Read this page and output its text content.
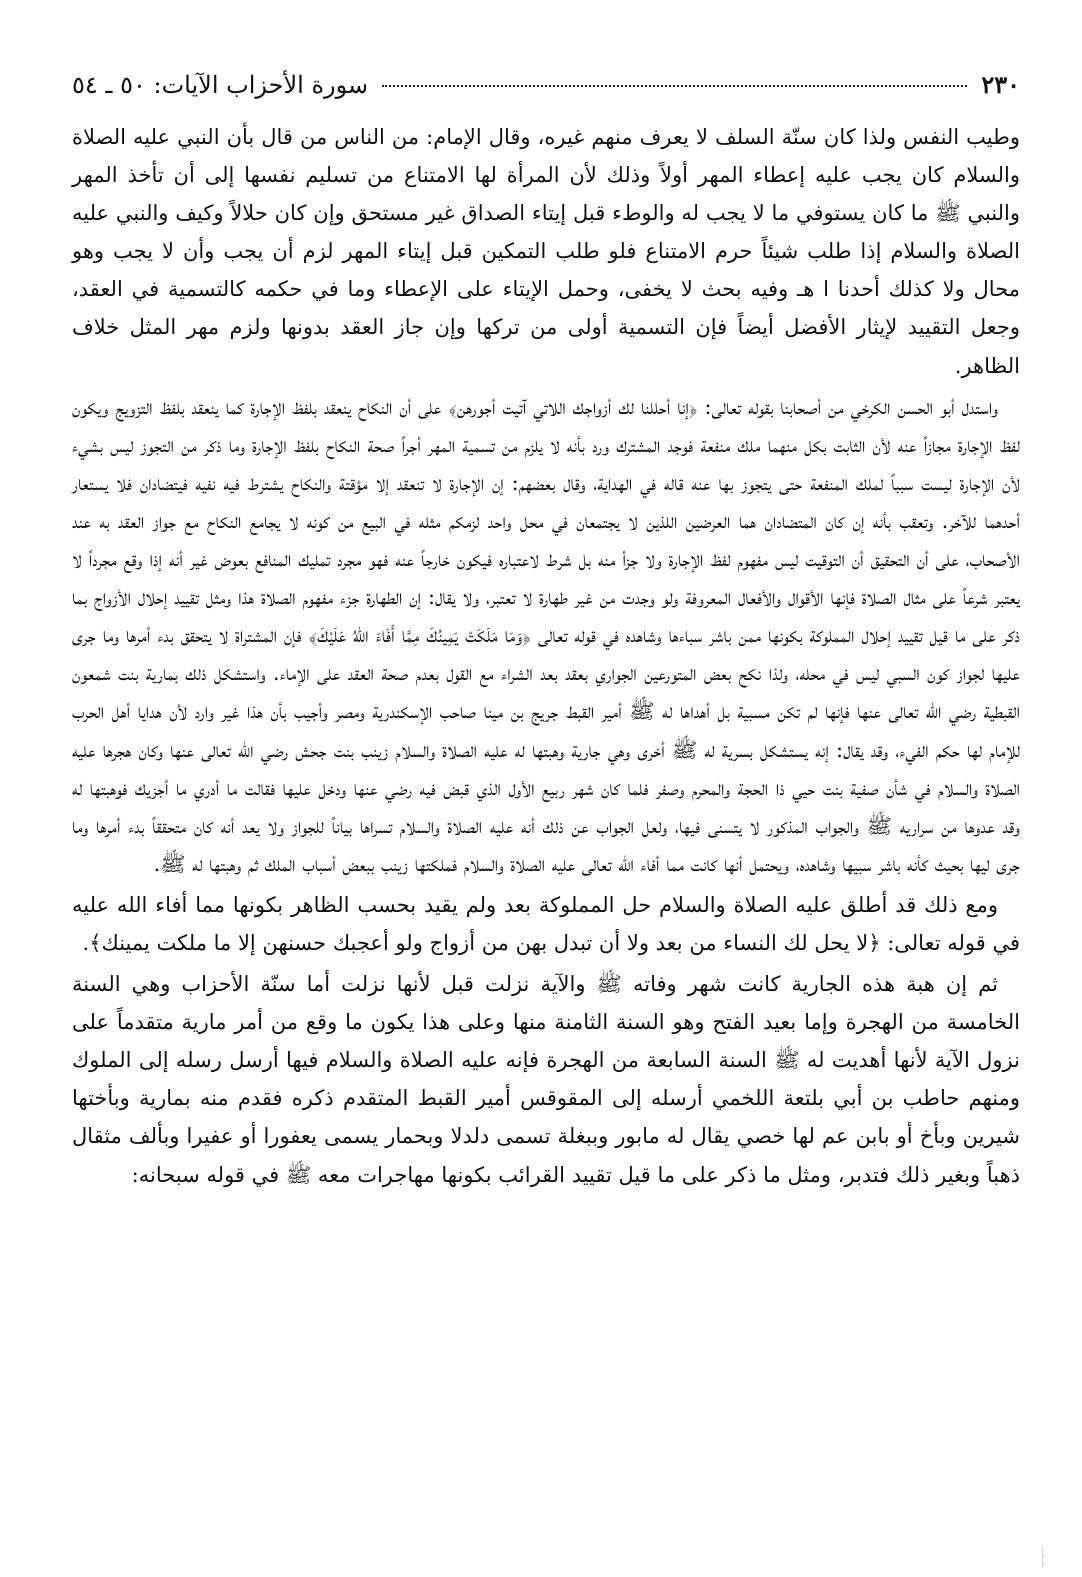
٢٣٠
سورة الأحزاب الآيات: ٥٠ ـ ٥٤

وطيب النفس ولذا كان سنّة السلف لا يعرف منهم غيره، وقال الإمام: من الناس من قال بأن النبي عليه الصلاة والسلام كان يجب عليه إعطاء المهر أولاً وذلك لأن المرأة لها الامتناع من تسليم نفسها إلى أن تأخذ المهر والنبي ﷺ ما كان يستوفي ما لا يجب له والوطء قبل إيتاء الصداق غير مستحق وإن كان حلالاً وكيف والنبي عليه الصلاة والسلام إذا طلب شيئاً حرم الامتناع فلو طلب التمكين قبل إيتاء المهر لزم أن يجب وأن لا يجب وهو محال ولا كذلك أحدنا ا هـ وفيه بحث لا يخفى، وحمل الإيتاء على الإعطاء وما في حكمه كالتسمية في العقد، وجعل التقييد لإيثار الأفضل أيضاً فإن التسمية أولى من تركها وإن جاز العقد بدونها ولزم مهر المثل خلاف الظاهر.

واستدل أبو الحسن الكرخي من أصحابنا بقوله تعالى: ﴿إنا أحللنا لك أزواجك اللاتي آتيت أجورهن﴾ على أن النكاح ينعقد بلفظ الإجارة كما ينعقد بلفظ التزويج ويكون لفظ الإجارة مجازاً عنه لأن الثابت بكل منهما ملك منفعة فوجد المشترك ورد بأنه لا يلزم من تسمية المهر أجراً صحة النكاح بلفظ الإجارة وما ذكر من التجوز ليس بشيء لأن الإجارة ليست سبباً لملك المنفعة حتى يتجوز بها عنه قاله في الهداية، وقال بعضهم: إن الإجارة لا تنعقد إلا مؤقتة والنكاح يشترط فيه نفيه فيتضادان فلا يستعار أحدهما للآخر. وتعقب بأنه إن كان المتضادان هما العرضين اللذين لا يجتمعان في محل واحد لزمكم مثله في البيع من كونه لا يجامع النكاح مع جواز العقد به عند الأصحاب، على أن التحقيق أن التوقيت ليس مفهوم لفظ الإجارة ولا جزأ منه بل شرط لاعتباره فيكون خارجاً عنه فهو مجرد تمليك المنافع بعوض غير أنه إذا وقع مجرداً لا يعتبر شرعاً على مثال الصلاة فإنها الأقوال والأفعال المعروفة ولو وجدت من غير طهارة لا تعتبر، ولا يقال: إن الطهارة جزء مفهوم الصلاة هذا ومثل تقييد إحلال الأزواج بما ذكر على ما قيل تقييد إحلال المملوكة بكونها ممن باشر سباءها وشاهده في قوله تعالى ﴿وَمَا مَلَكَتْ يَمِينُكَ مِمَّا أَفَاءَ اللهُ عَلَيْكَ﴾ فإن المشتراة لا يتحقق بدء أمرها وما جرى عليها لجواز كون السبي ليس في محله، ولذا نكح بعض المتورعين الجواري بعقد بعد الشراء مع القول بعدم صحة العقد على الإماء. واستشكل ذلك بمارية بنت شمعون القبطية رضي الله تعالى عنها فإنها لم تكن مسبية بل أهداها له ﷺ أمير القبط جريج بن مينا صاحب الإسكندرية ومصر وأجيب بأن هذا غير وارد لأن هدايا أهل الحرب للإمام لها حكم الفيء، وقد يقال: إنه يستشكل بسرية له ﷺ أخرى وهي جارية وهبتها له عليه الصلاة والسلام زينب بنت جحش رضي الله تعالى عنها وكان هجرها عليه الصلاة والسلام في شأن صفية بنت حيي ذا الحجة والمحرم وصفر فلما كان شهر ربيع الأول الذي قبض فيه رضي عنها ودخل عليها فقالت ما أدري ما أجزيك فوهبتها له وقد عدوها من سراريه ﷺ والجواب المذكور لا يتسنى فيها، ولعل الجواب عن ذلك أنه عليه الصلاة والسلام تسراها بياناً للجواز ولا يعد أنه كان متحققاً بدء أمرها وما جرى ليها بحيث كأنه باشر سبيها وشاهده، ويحتمل أنها كانت مما أفاء الله تعالى عليه الصلاة والسلام فملكتها زينب ببعض أسباب الملك ثم وهبتها له ﷺ.

ومع ذلك قد أطلق عليه الصلاة والسلام حل المملوكة بعد ولم يقيد بحسب الظاهر بكونها مما أفاء الله عليه في قوله تعالى: ﴿لا يحل لك النساء من بعد ولا أن تبدل بهن من أزواج ولو أعجبك حسنهن إلا ما ملكت يمينك﴾.

ثم إن هبة هذه الجارية كانت شهر وفاته ﷺ والآية نزلت قبل لأنها نزلت أما سنّة الأحزاب وهي السنة الخامسة من الهجرة وإما بعيد الفتح وهو السنة الثامنة منها وعلى هذا يكون ما وقع من أمر مارية متقدماً على نزول الآية لأنها أهديت له ﷺ السنة السابعة من الهجرة فإنه عليه الصلاة والسلام فيها أرسل رسله إلى الملوك ومنهم حاطب بن أبي بلتعة اللخمي أرسله إلى المقوقس أمير القبط المتقدم ذكره فقدم منه بمارية وبأختها شيرين وبأخ أو بابن عم لها خصي يقال له مابور وببغلة تسمى دلدلا وبحمار يسمى يعفورا أو عفيرا وبألف مثقال ذهباً وبغير ذلك فتدبر، ومثل ما ذكر على ما قيل تقييد القرائب بكونها مهاجرات معه ﷺ في قوله سبحانه:
